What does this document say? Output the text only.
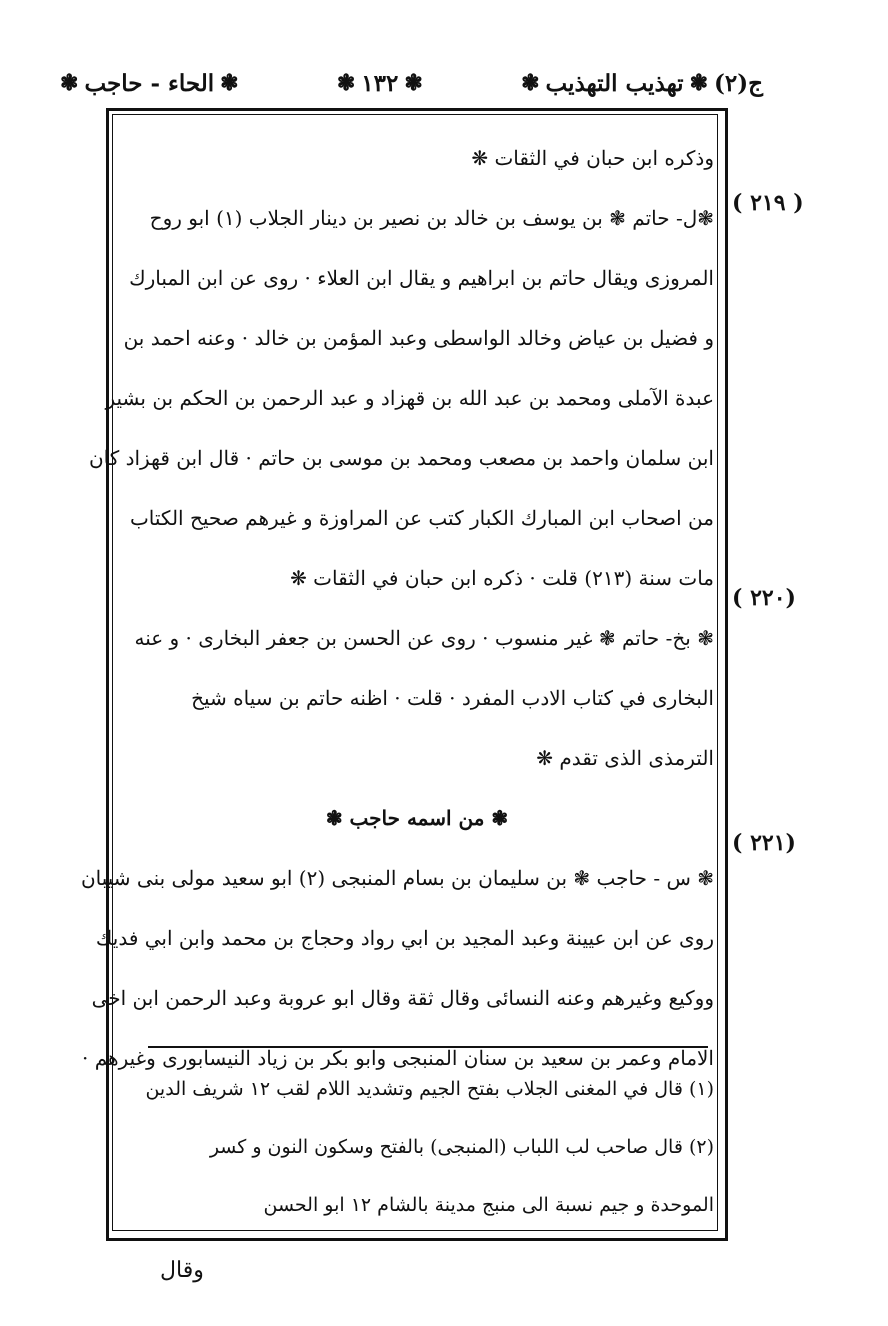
ج(٢)
❃
تهذيب التهذيب
❃
❃
١٣٢
❃
❃
الحاء - حاجب
❃
( ٢١٩ )
(٢٢٠ )
(٢٢١ )
وذكره ابن حبان في الثقات ❋
❃ل- حاتم ❃ بن يوسف بن خالد بن نصير بن دينار الجلاب (١) ابو روح
المروزى ويقال حاتم بن ابراهيم و يقال ابن العلاء · روى عن ابن المبارك
و فضيل بن عياض وخالد الواسطى وعبد المؤمن بن خالد · وعنه احمد بن
عبدة الآملى ومحمد بن عبد الله بن قهزاد و عبد الرحمن بن الحكم بن بشير
ابن سلمان واحمد بن مصعب ومحمد بن موسى بن حاتم · قال ابن قهزاد كان
من اصحاب ابن المبارك الكبار كتب عن المراوزة و غيرهم صحيح الكتاب
مات سنة (٢١٣) قلت · ذكره ابن حبان في الثقات ❋
❃ بخ- حاتم ❃ غير منسوب · روى عن الحسن بن جعفر البخارى · و عنه
البخارى في كتاب الادب المفرد · قلت · اظنه حاتم بن سياه شيخ
الترمذى الذى تقدم ❋
❃ من اسمه حاجب ❃
❃ س - حاجب ❃ بن سليمان بن بسام المنبجى (٢) ابو سعيد مولى بنى شيبان
روى عن ابن عيينة وعبد المجيد بن ابي رواد وحجاج بن محمد وابن ابي فديك
ووكيع وغيرهم وعنه النسائى وقال ثقة وقال ابو عروبة وعبد الرحمن ابن اخى
الامام وعمر بن سعيد بن سنان المنبجى وابو بكر بن زياد النيسابورى وغيرهم ·
(١) قال في المغنى الجلاب بفتح الجيم وتشديد اللام لقب ١٢ شريف الدين
(٢) قال صاحب لب اللباب (المنبجى) بالفتح وسكون النون و كسر
الموحدة و جيم نسبة الى منبج مدينة بالشام ١٢ ابو الحسن
وقال
